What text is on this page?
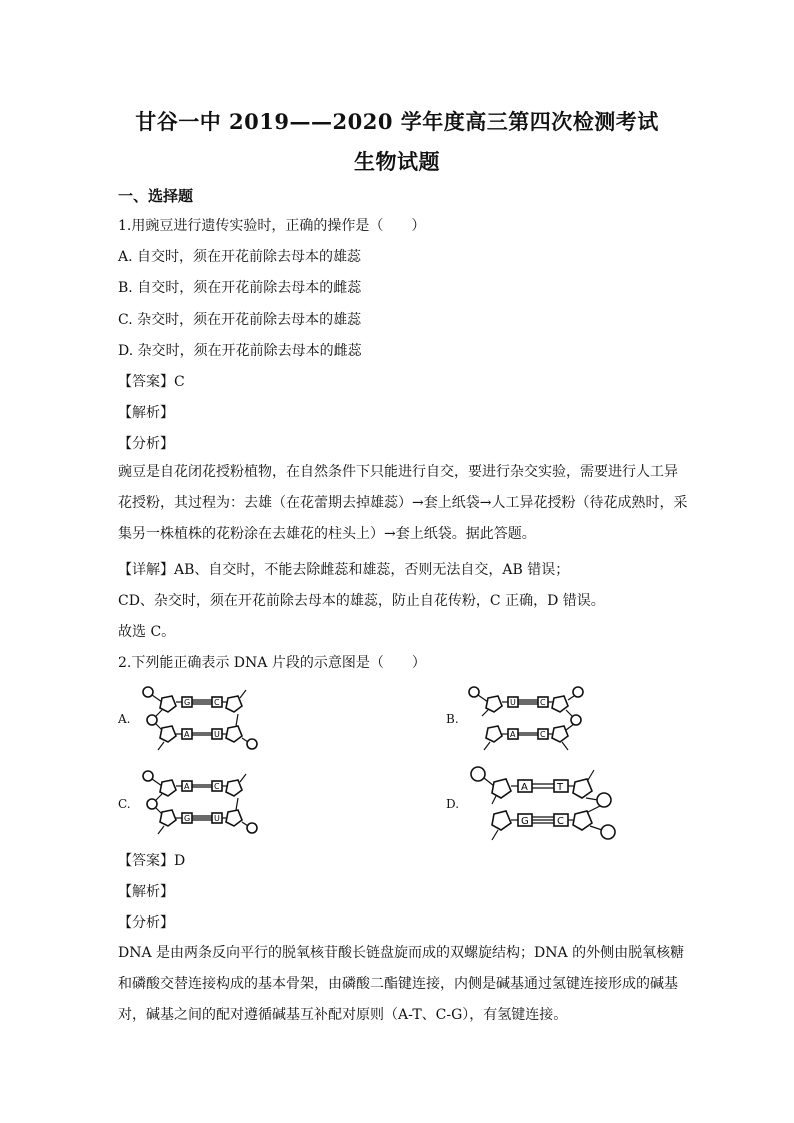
甘谷一中 2019——2020 学年度高三第四次检测考试
生物试题
一、选择题
1.用豌豆进行遗传实验时，正确的操作是（　　）
A. 自交时，须在开花前除去母本的雄蕊
B. 自交时，须在开花前除去母本的雌蕊
C. 杂交时，须在开花前除去母本的雄蕊
D. 杂交时，须在开花前除去母本的雌蕊
【答案】C
【解析】
【分析】
豌豆是自花闭花授粉植物，在自然条件下只能进行自交，要进行杂交实验，需要进行人工异花授粉，其过程为：去雄（在花蕾期去掉雄蕊）→套上纸袋→人工异花授粉（待花成熟时，采集另一株植株的花粉涂在去雄花的柱头上）→套上纸袋。据此答题。
【详解】AB、自交时，不能去除雌蕊和雄蕊，否则无法自交，AB 错误；
CD、杂交时，须在开花前除去母本的雄蕊，防止自花传粉，C 正确，D 错误。
故选 C。
2.下列能正确表示 DNA 片段的示意图是（　　）
A.
G	C
A	U
B.
U	C
A	C
C.
A	C
G	U
D.
A	T
G	C
【答案】D
【解析】
【分析】
DNA 是由两条反向平行的脱氧核苷酸长链盘旋而成的双螺旋结构；DNA 的外侧由脱氧核糖和磷酸交替连接构成的基本骨架，由磷酸二酯键连接，内侧是碱基通过氢键连接形成的碱基对，碱基之间的配对遵循碱基互补配对原则（A-T、C-G），有氢键连接。
